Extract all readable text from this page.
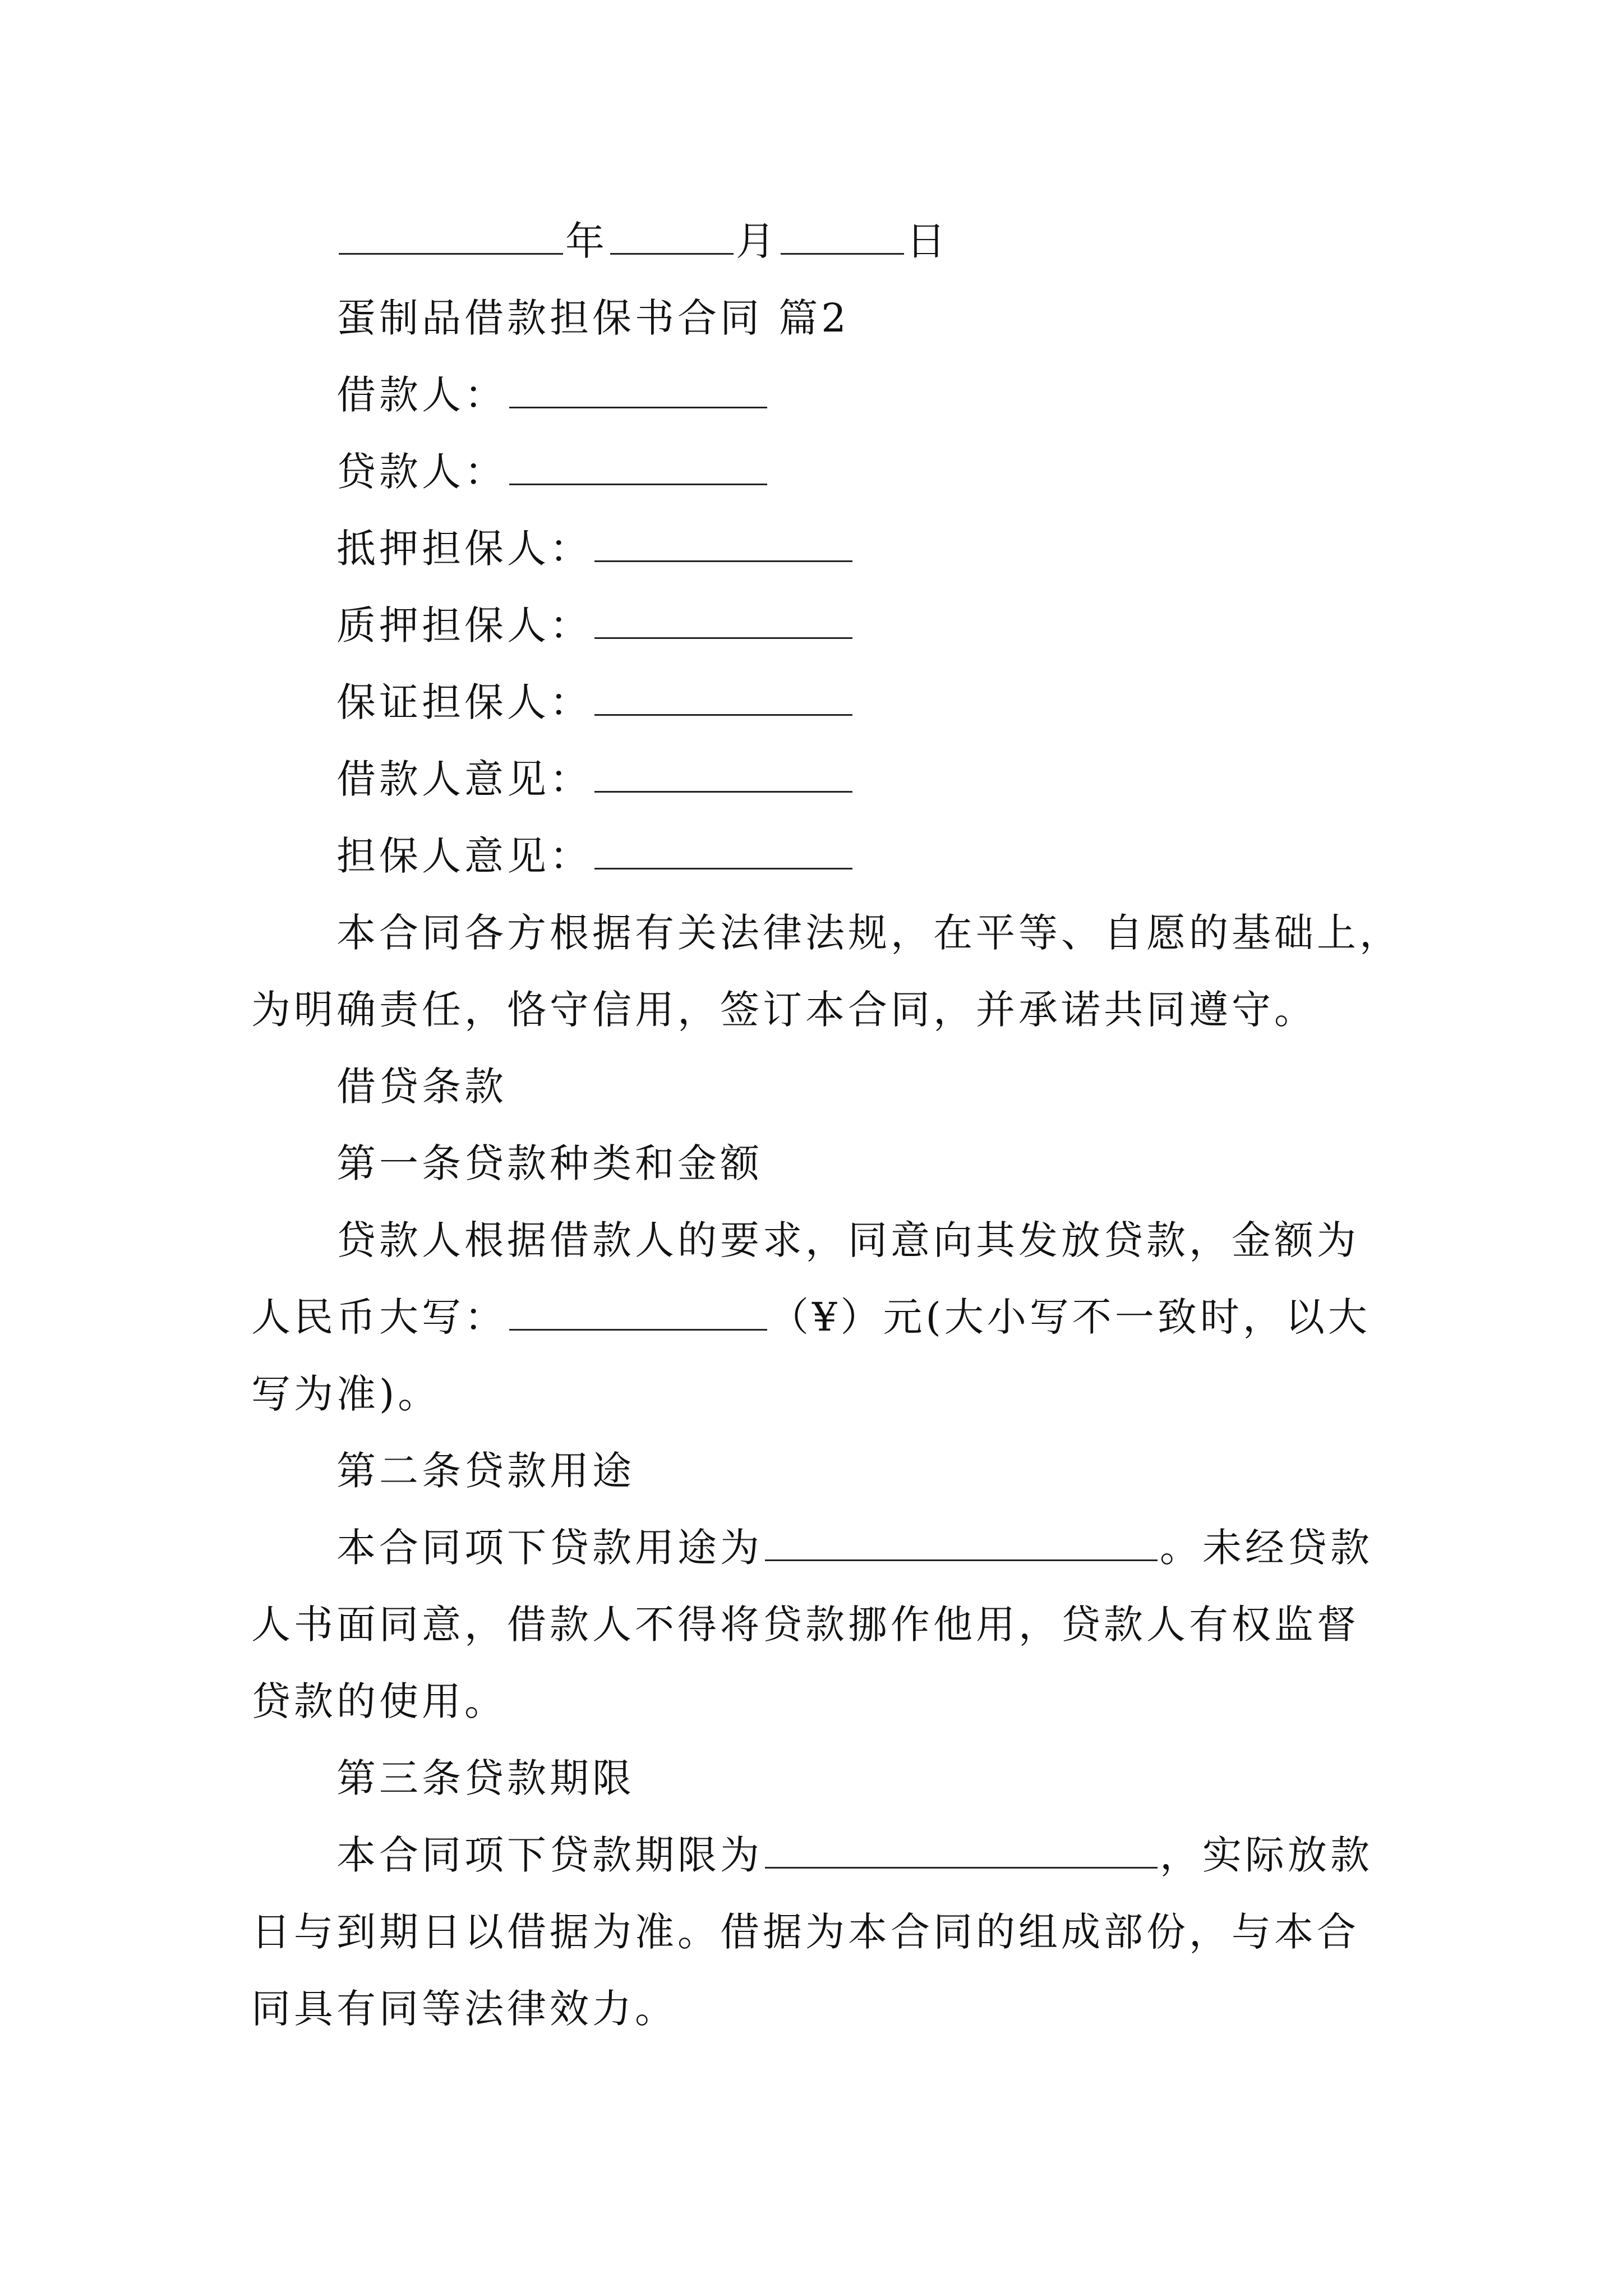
年	月	日
蛋制品借款担保书合同 篇2
借款人：
贷款人：
抵押担保人：
质押担保人：
保证担保人：
借款人意见：
担保人意见：
本合同各方根据有关法律法规，在平等、自愿的基础上，
为明确责任，恪守信用，签订本合同，并承诺共同遵守。
借贷条款
第一条贷款种类和金额
贷款人根据借款人的要求，同意向其发放贷款，金额为
人民币大写：	（¥）元(大小写不一致时，以大
写为准)。
第二条贷款用途
本合同项下贷款用途为	。未经贷款
人书面同意，借款人不得将贷款挪作他用，贷款人有权监督
贷款的使用。
第三条贷款期限
本合同项下贷款期限为	，实际放款
日与到期日以借据为准。借据为本合同的组成部份，与本合
同具有同等法律效力。
